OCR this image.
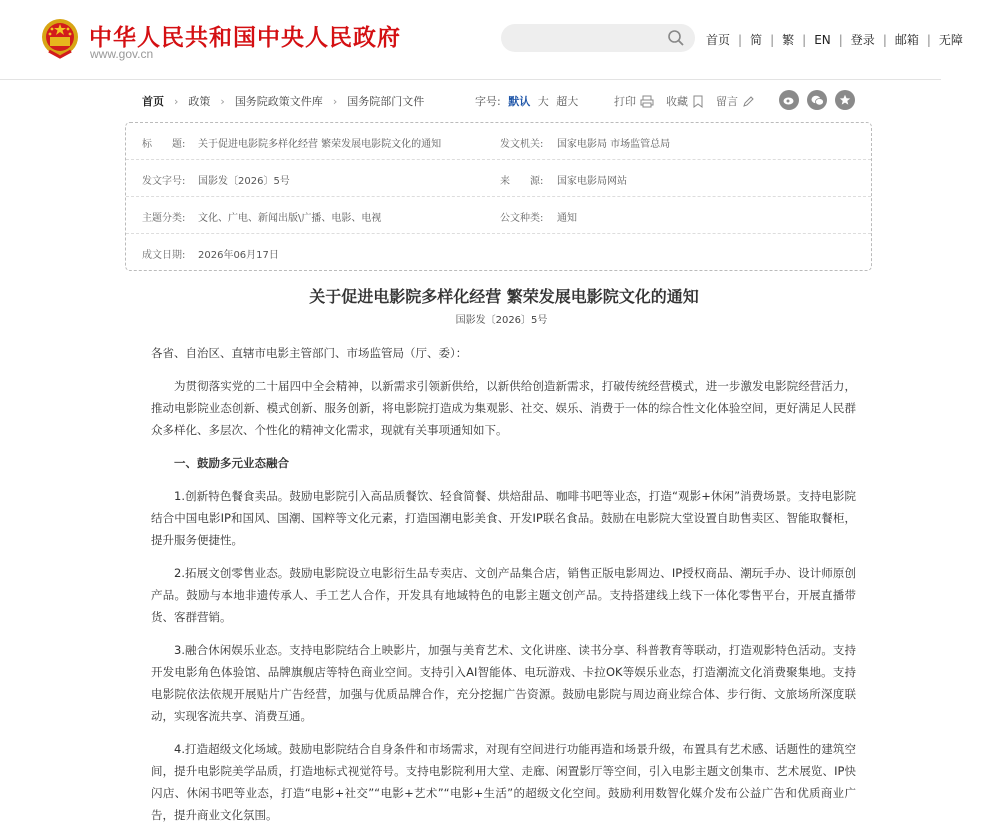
中华人民共和国中央人民政府
www.gov.cn
首页 | 简 | 繁 | EN | 登录 | 邮箱 | 无障
首页 › 政策 › 国务院政策文件库 › 国务院部门文件	字号: 默认 大 超大	打印	收藏	留言
标　　题: 关于促进电影院多样化经营 繁荣发展电影院文化的通知	发文机关: 国家电影局 市场监管总局
发文字号: 国影发〔2026〕5号	来　　源: 国家电影局网站
主题分类: 文化、广电、新闻出版\广播、电影、电视	公文种类: 通知
成文日期: 2026年06月17日
关于促进电影院多样化经营 繁荣发展电影院文化的通知
国影发〔2026〕5号

各省、自治区、直辖市电影主管部门、市场监管局（厅、委）：

为贯彻落实党的二十届四中全会精神，以新需求引领新供给，以新供给创造新需求，打破传统经营模式，进一步激发电影院经营活力，推动电影院业态创新、模式创新、服务创新，将电影院打造成为集观影、社交、娱乐、消费于一体的综合性文化体验空间，更好满足人民群众多样化、多层次、个性化的精神文化需求，现就有关事项通知如下。

一、鼓励多元业态融合

1.创新特色餐食卖品。鼓励电影院引入高品质餐饮、轻食简餐、烘焙甜品、咖啡书吧等业态，打造“观影+休闲”消费场景。支持电影院结合中国电影IP和国风、国潮、国粹等文化元素，打造国潮电影美食、开发IP联名食品。鼓励在电影院大堂设置自助售卖区、智能取餐柜，提升服务便捷性。

2.拓展文创零售业态。鼓励电影院设立电影衍生品专卖店、文创产品集合店，销售正版电影周边、IP授权商品、潮玩手办、设计师原创产品。鼓励与本地非遗传承人、手工艺人合作，开发具有地域特色的电影主题文创产品。支持搭建线上线下一体化零售平台，开展直播带货、客群营销。

3.融合休闲娱乐业态。支持电影院结合上映影片，加强与美育艺术、文化讲座、读书分享、科普教育等联动，打造观影特色活动。支持开发电影角色体验馆、品牌旗舰店等特色商业空间。支持引入AI智能体、电玩游戏、卡拉OK等娱乐业态，打造潮流文化消费聚集地。支持电影院依法依规开展贴片广告经营，加强与优质品牌合作，充分挖掘广告资源。鼓励电影院与周边商业综合体、步行街、文旅场所深度联动，实现客流共享、消费互通。

4.打造超级文化场域。鼓励电影院结合自身条件和市场需求，对现有空间进行功能再造和场景升级，布置具有艺术感、话题性的建筑空间，提升电影院美学品质，打造地标式视觉符号。支持电影院利用大堂、走廊、闲置影厅等空间，引入电影主题文创集市、艺术展览、IP快闪店、休闲书吧等业态，打造“电影+社交”“电影+艺术”“电影+生活”的超级文化空间。鼓励利用数智化媒介发布公益广告和优质商业广告，提升商业文化氛围。
